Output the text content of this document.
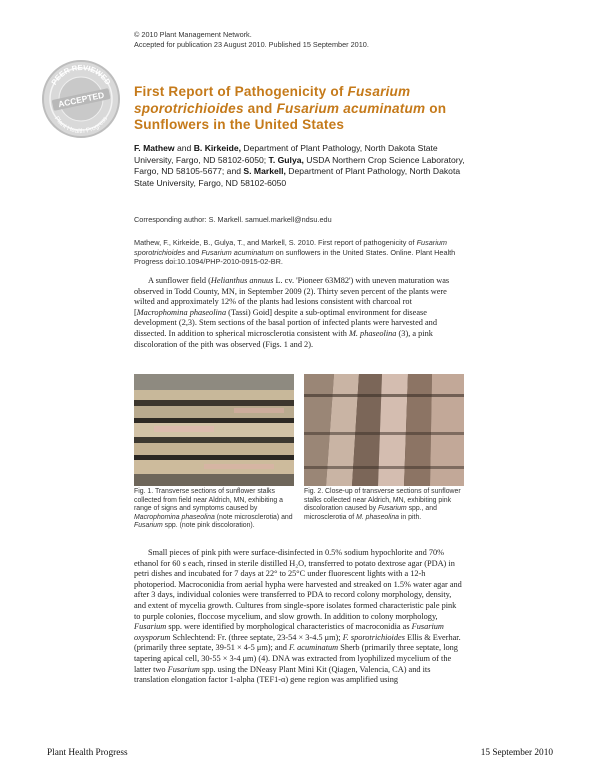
© 2010 Plant Management Network.
Accepted for publication 23 August 2010. Published 15 September 2010.
PEER REVIEWED
ACCEPTED
Plant Health Progress
First Report of Pathogenicity of Fusarium sporotrichioides and Fusarium acuminatum on Sunflowers in the United States
F. Mathew and B. Kirkeide, Department of Plant Pathology, North Dakota State University, Fargo, ND 58102-6050; T. Gulya, USDA Northern Crop Science Laboratory, Fargo, ND 58105-5677; and S. Markell, Department of Plant Pathology, North Dakota State University, Fargo, ND 58102-6050
Corresponding author: S. Markell. samuel.markell@ndsu.edu
Mathew, F., Kirkeide, B., Gulya, T., and Markell, S. 2010. First report of pathogenicity of Fusarium sporotrichioides and Fusarium acuminatum on sunflowers in the United States. Online. Plant Health Progress doi:10.1094/PHP-2010-0915-02-BR.

A sunflower field (Helianthus annuus L. cv. 'Pioneer 63M82') with uneven maturation was observed in Todd County, MN, in September 2009 (2). Thirty seven percent of the plants were wilted and approximately 12% of the plants had lesions consistent with charcoal rot [Macrophomina phaseolina (Tassi) Goid] despite a sub-optimal environment for disease development (2,3). Stem sections of the basal portion of infected plants were harvested and dissected. In addition to spherical microsclerotia consistent with M. phaseolina (3), a pink discoloration of the pith was observed (Figs. 1 and 2).

Fig. 1. Transverse sections of sunflower stalks collected from field near Aldrich, MN, exhibiting a range of signs and symptoms caused by Macrophomina phaseolina (note microsclerotia) and Fusarium spp. (note pink discoloration).
Fig. 2. Close-up of transverse sections of sunflower stalks collected near Aldrich, MN, exhibiting pink discoloration caused by Fusarium spp., and microsclerotia of M. phaseolina in pith.

Small pieces of pink pith were surface-disinfected in 0.5% sodium hypochlorite and 70% ethanol for 60 s each, rinsed in sterile distilled H₂O, transferred to potato dextrose agar (PDA) in petri dishes and incubated for 7 days at 22° to 25°C under fluorescent lights with a 12-h photoperiod. Macroconidia from aerial hypha were harvested and streaked on 1.5% water agar and after 3 days, individual colonies were transferred to PDA to record colony morphology, density, and extent of mycelia growth. Cultures from single-spore isolates formed characteristic pale pink to purple colonies, floccose mycelium, and slow growth. In addition to colony morphology, Fusarium spp. were identified by morphological characteristics of macroconidia as Fusarium oxysporum Schlechtend: Fr. (three septate, 23-54 × 3-4.5 μm); F. sporotrichioides Ellis & Everhar. (primarily three septate, 39-51 × 4-5 μm); and F. acuminatum Sherb (primarily three septate, long tapering apical cell, 30-55 × 3-4 μm) (4). DNA was extracted from lyophilized mycelium of the latter two Fusarium spp. using the DNeasy Plant Mini Kit (Qiagen, Valencia, CA) and its translation elongation factor 1-alpha (TEF1-α) gene region was amplified using

Plant Health Progress	15 September 2010
